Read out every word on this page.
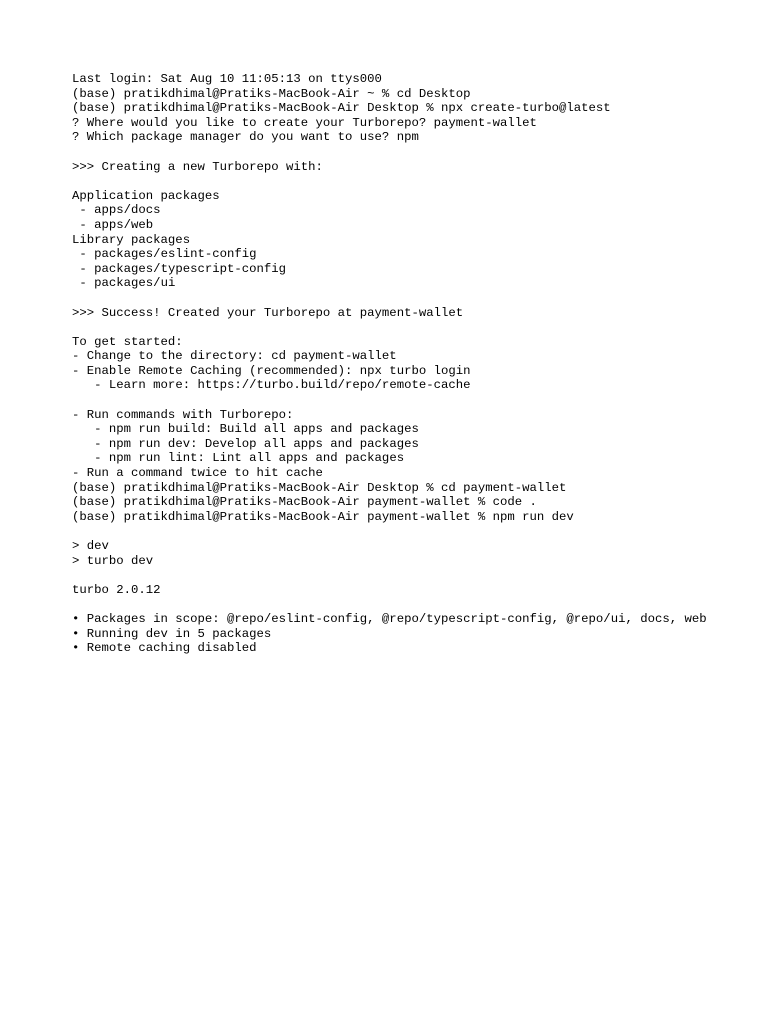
Last login: Sat Aug 10 11:05:13 on ttys000
(base) pratikdhimal@Pratiks-MacBook-Air ~ % cd Desktop
(base) pratikdhimal@Pratiks-MacBook-Air Desktop % npx create-turbo@latest
? Where would you like to create your Turborepo? payment-wallet
? Which package manager do you want to use? npm
>>> Creating a new Turborepo with:
Application packages
- apps/docs
- apps/web
Library packages
- packages/eslint-config
- packages/typescript-config
- packages/ui
>>> Success! Created your Turborepo at payment-wallet
To get started:
- Change to the directory: cd payment-wallet
- Enable Remote Caching (recommended): npx turbo login
- Learn more: https://turbo.build/repo/remote-cache
- Run commands with Turborepo:
- npm run build: Build all apps and packages
- npm run dev: Develop all apps and packages
- npm run lint: Lint all apps and packages
- Run a command twice to hit cache
(base) pratikdhimal@Pratiks-MacBook-Air Desktop % cd payment-wallet
(base) pratikdhimal@Pratiks-MacBook-Air payment-wallet % code .
(base) pratikdhimal@Pratiks-MacBook-Air payment-wallet % npm run dev
> dev
> turbo dev
turbo 2.0.12
• Packages in scope: @repo/eslint-config, @repo/typescript-config, @repo/ui, docs, web
• Running dev in 5 packages
• Remote caching disabled
